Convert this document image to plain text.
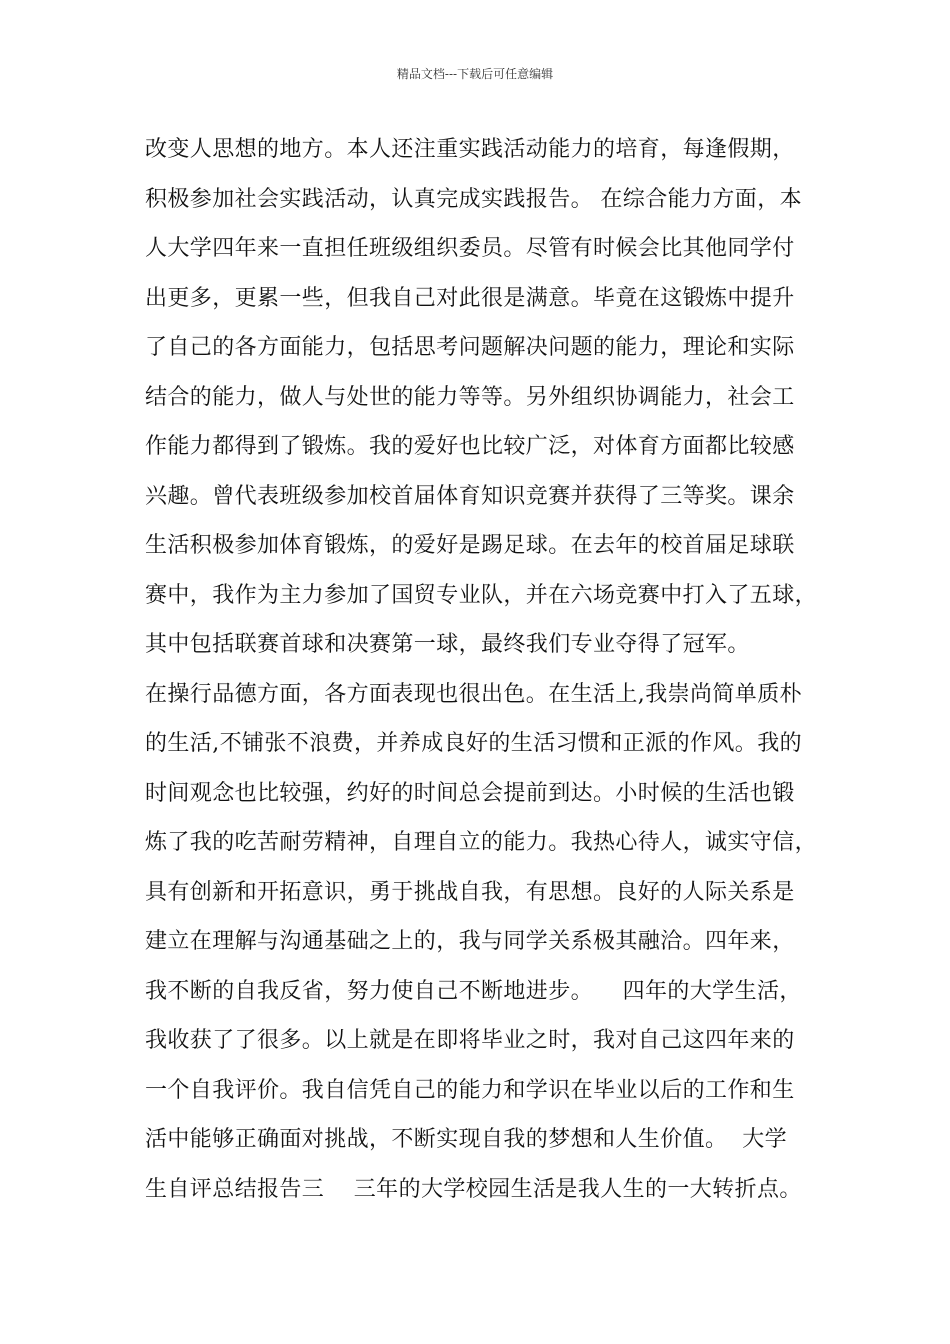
精品文档---下载后可任意编辑
改变人思想的地方。本人还注重实践活动能力的培育，每逢假期，
积极参加社会实践活动，认真完成实践报告。 在综合能力方面，本
人大学四年来一直担任班级组织委员。尽管有时候会比其他同学付
出更多，更累一些，但我自己对此很是满意。毕竟在这锻炼中提升
了自己的各方面能力，包括思考问题解决问题的能力，理论和实际
结合的能力，做人与处世的能力等等。另外组织协调能力，社会工
作能力都得到了锻炼。我的爱好也比较广泛，对体育方面都比较感
兴趣。曾代表班级参加校首届体育知识竞赛并获得了三等奖。课余
生活积极参加体育锻炼，的爱好是踢足球。在去年的校首届足球联
赛中，我作为主力参加了国贸专业队，并在六场竞赛中打入了五球，
其中包括联赛首球和决赛第一球，最终我们专业夺得了冠军。
在操行品德方面，各方面表现也很出色。在生活上,我崇尚简单质朴
的生活,不铺张不浪费，并养成良好的生活习惯和正派的作风。我的
时间观念也比较强，约好的时间总会提前到达。小时候的生活也锻
炼了我的吃苦耐劳精神，自理自立的能力。我热心待人，诚实守信，
具有创新和开拓意识，勇于挑战自我，有思想。良好的人际关系是
建立在理解与沟通基础之上的，我与同学关系极其融洽。四年来，
我不断的自我反省，努力使自己不断地进步。    四年的大学生活，
我收获了了很多。以上就是在即将毕业之时，我对自己这四年来的
一个自我评价。我自信凭自己的能力和学识在毕业以后的工作和生
活中能够正确面对挑战，不断实现自我的梦想和人生价值。  大学
生自评总结报告三    三年的大学校园生活是我人生的一大转折点。
